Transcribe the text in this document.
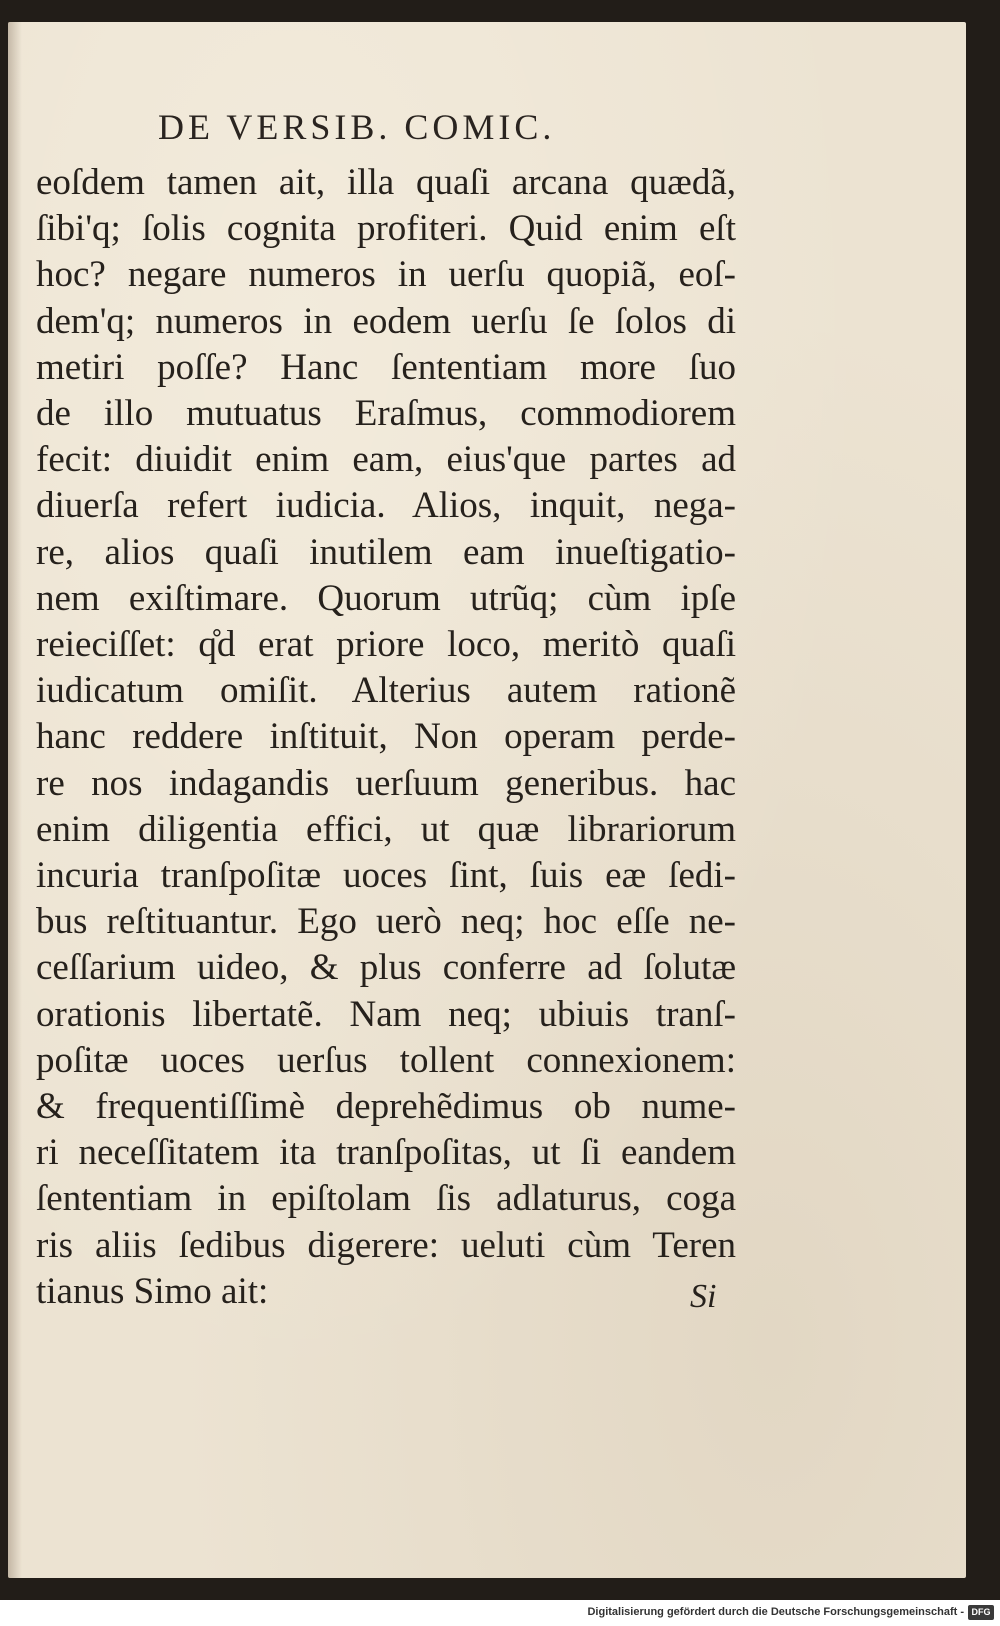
DE VERSIB. COMIC.
eoſdem tamen ait, illa quaſi arcana quædã,
ſibi'q; ſolis cognita profiteri. Quid enim eſt
hoc? negare numeros in uerſu quopiã, eoſ-
dem'q; numeros in eodem uerſu ſe ſolos di
metiri poſſe? Hanc ſententiam more ſuo
de illo mutuatus Eraſmus, commodiorem
fecit: diuidit enim eam, eius'que partes ad
diuerſa refert iudicia. Alios, inquit, nega-
re, alios quaſi inutilem eam inueſtigatio-
nem exiſtimare. Quorum utrũq; cùm ipſe
reieciſſet: q̊d erat priore loco, meritò quaſi
iudicatum omiſit. Alterius autem rationẽ
hanc reddere inſtituit, Non operam perde-
re nos indagandis uerſuum generibus. hac
enim diligentia effici, ut quæ librariorum
incuria tranſpoſitæ uoces ſint, ſuis eæ ſedi-
bus reſtituantur. Ego uerò neq; hoc eſſe ne-
ceſſarium uideo, & plus conferre ad ſolutæ
orationis libertatẽ. Nam neq; ubiuis tranſ-
poſitæ uoces uerſus tollent connexionem:
& frequentiſſimè deprehẽdimus ob nume-
ri neceſſitatem ita tranſpoſitas, ut ſi eandem
ſententiam in epiſtolam ſis adlaturus, coga
ris aliis ſedibus digerere: ueluti cùm Teren
tianus Simo ait:	Si
Digitalisierung gefördert durch die Deutsche Forschungsgemeinschaft - DFG
